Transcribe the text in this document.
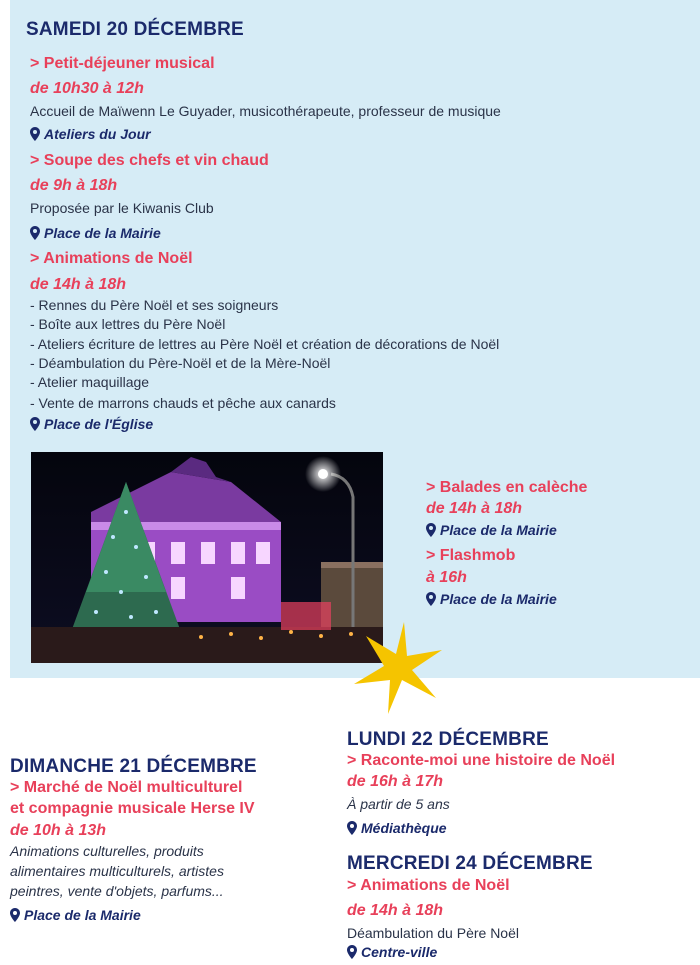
SAMEDI 20 DÉCEMBRE
> Petit-déjeuner musical
de 10h30 à 12h
Accueil de Maïwenn Le Guyader, musicothérapeute, professeur de musique
Ateliers du Jour
> Soupe des chefs et vin chaud
de 9h à 18h
Proposée par le Kiwanis Club
Place de la Mairie
> Animations de Noël
de 14h à 18h
- Rennes du Père Noël et ses soigneurs
- Boîte aux lettres du Père Noël
- Ateliers écriture de lettres au Père Noël et création de décorations de Noël
- Déambulation du Père-Noël et de la Mère-Noël
- Atelier maquillage
- Vente de marrons chauds et pêche aux canards
Place de l'Église
> Balades en calèche
de 14h à 18h
Place de la Mairie
> Flashmob
à 16h
Place de la Mairie
DIMANCHE 21 DÉCEMBRE
> Marché de Noël multiculturel
et compagnie musicale Herse IV
de 10h à 13h
Animations culturelles, produits
alimentaires multiculturels, artistes
peintres, vente d'objets, parfums...
Place de la Mairie
LUNDI 22 DÉCEMBRE
> Raconte-moi une histoire de Noël
de 16h à 17h
À partir de 5 ans
Médiathèque
MERCREDI 24 DÉCEMBRE
> Animations de Noël
de 14h à 18h
Déambulation du Père Noël
Centre-ville
